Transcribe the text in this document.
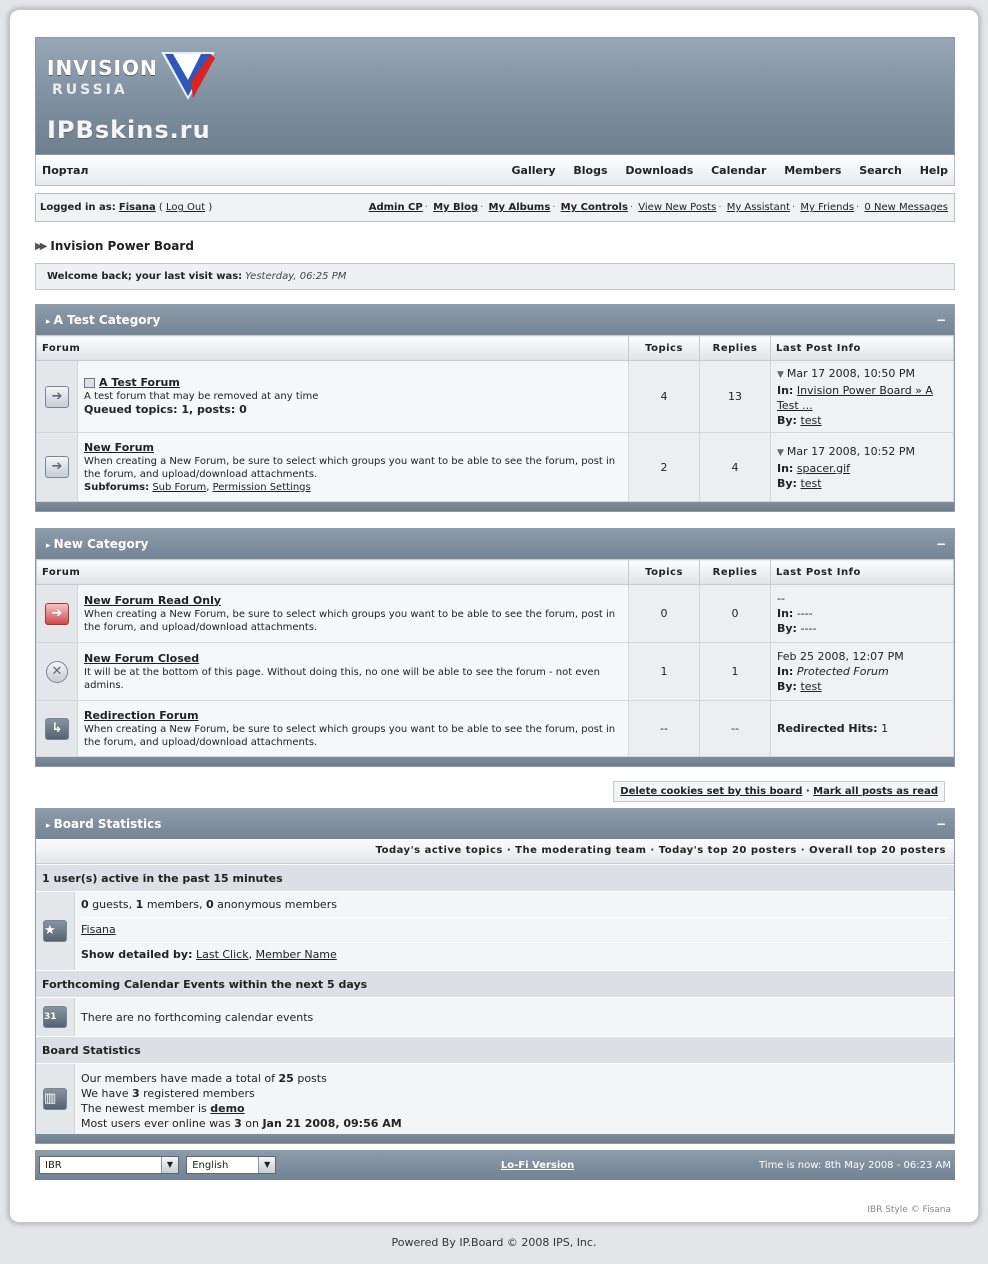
INVISION
RUSSIA
IPBskins.ru
Портал	Gallery Blogs Downloads Calendar Members Search Help
Logged in as: Fisana ( Log Out )	Admin CP · My Blog · My Albums · My Controls · View New Posts · My Assistant · My Friends · 0 New Messages
▶▶ Invision Power Board
Welcome back; your last visit was: Yesterday, 06:25 PM
▸ A Test Category	−
Forum		Topics	Replies	Last Post Info
➔	A Test Forum
A test forum that may be removed at any time
Queued topics: 1, posts: 0	4	13	▼ Mar 17 2008, 10:50 PM
In: Invision Power Board » A Test ...
By: test
➔	New Forum
When creating a New Forum, be sure to select which groups you want to be able to see the forum, post in the forum, and upload/download attachments.
Subforums: Sub Forum, Permission Settings	2	4	▼ Mar 17 2008, 10:52 PM
In: spacer.gif
By: test
▸ New Category	−
Forum		Topics	Replies	Last Post Info
➔	New Forum Read Only
When creating a New Forum, be sure to select which groups you want to be able to see the forum, post in the forum, and upload/download attachments.	0	0	--
In: ----
By: ----
✕	New Forum Closed
It will be at the bottom of this page. Without doing this, no one will be able to see the forum - not even admins.	1	1	Feb 25 2008, 12:07 PM
In: Protected Forum
By: test
↳	Redirection Forum
When creating a New Forum, be sure to select which groups you want to be able to see the forum, post in the forum, and upload/download attachments.	--	--	Redirected Hits: 1
Delete cookies set by this board · Mark all posts as read
▸ Board Statistics	−
Today's active topics · The moderating team · Today's top 20 posters · Overall top 20 posters
1 user(s) active in the past 15 minutes
★
0 guests, 1 members, 0 anonymous members
Fisana
Show detailed by: Last Click, Member Name
Forthcoming Calendar Events within the next 5 days
31	There are no forthcoming calendar events
Board Statistics
▥
Our members have made a total of 25 posts
We have 3 registered members
The newest member is demo
Most users ever online was 3 on Jan 21 2008, 09:56 AM
IBR	▼	English	▼	Lo-Fi Version	Time is now: 8th May 2008 - 06:23 AM
IBR Style © Fisana
Powered By IP.Board © 2008 IPS, Inc.
